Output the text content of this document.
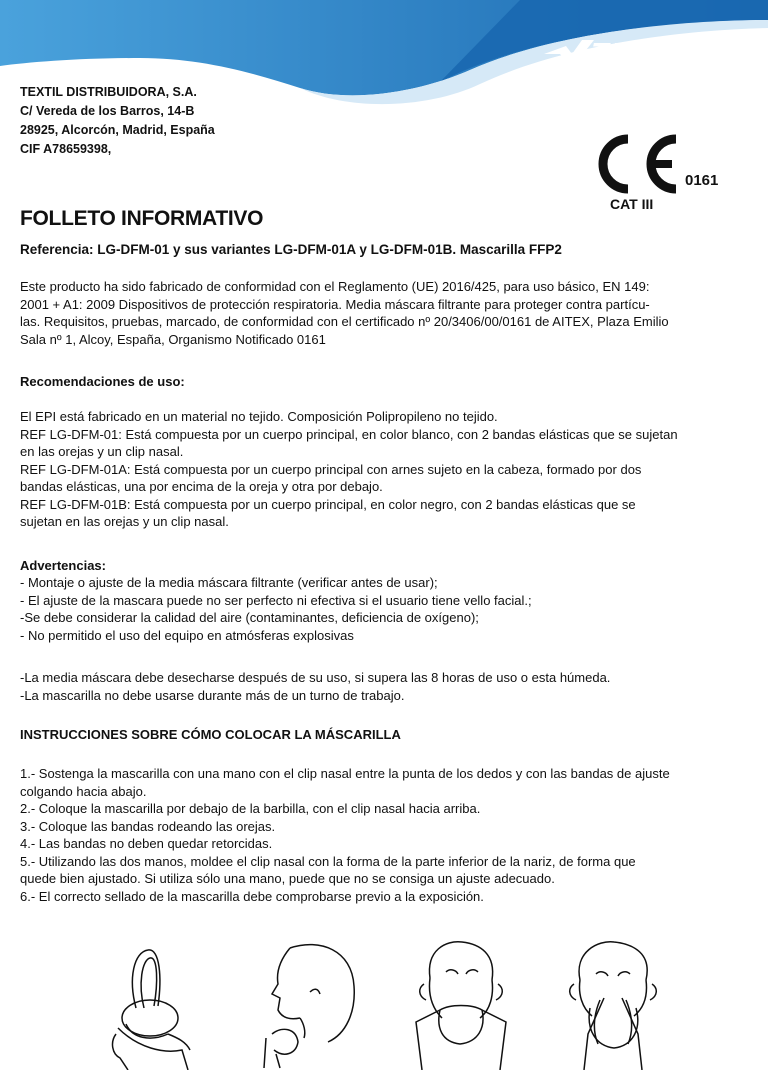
TEDISA
TEXTIL DISTRIBUIDORA, S.A.
C/ Vereda de los Barros, 14-B
28925, Alcorcón, Madrid, España
CIF A78659398,
0161
CAT III
FOLLETO INFORMATIVO
Referencia: LG-DFM-01 y sus variantes LG-DFM-01A y LG-DFM-01B. Mascarilla FFP2

Este producto ha sido fabricado de conformidad con el Reglamento (UE) 2016/425, para uso básico, EN 149:

2001 + A1: 2009 Dispositivos de protección respiratoria. Media máscara filtrante para proteger contra partícu-

las. Requisitos, pruebas, marcado, de conformidad con el certificado nº 20/3406/00/0161 de AITEX, Plaza Emilio

Sala nº 1, Alcoy, España, Organismo Notificado 0161

Recomendaciones de uso:

El EPI está fabricado en un material no tejido. Composición Polipropileno no tejido.

REF LG-DFM-01: Está compuesta por un cuerpo principal, en color blanco, con 2 bandas elásticas que se sujetan

en las orejas y un clip nasal.

REF LG-DFM-01A: Está compuesta por un cuerpo principal con arnes sujeto en la cabeza, formado por dos

bandas elásticas, una por encima de la oreja y otra por debajo.

REF LG-DFM-01B: Está compuesta por un cuerpo principal, en color negro, con 2 bandas elásticas que se

sujetan en las orejas y un clip nasal.

Advertencias:

- Montaje o ajuste de la media máscara filtrante (verificar antes de usar);

- El ajuste de la mascara puede no ser perfecto ni efectiva si el usuario tiene vello facial.;

-Se debe considerar la calidad del aire (contaminantes, deficiencia de oxígeno);

- No permitido el uso del equipo en atmósferas explosivas

-La media máscara debe desecharse después de su uso, si supera las 8 horas de uso o esta húmeda.

-La mascarilla no debe usarse durante más de un turno de trabajo.

INSTRUCCIONES SOBRE CÓMO COLOCAR LA MÁSCARILLA

1.- Sostenga la mascarilla con una mano con el clip nasal entre la punta de los dedos y con las bandas de ajuste

colgando hacia abajo.

2.- Coloque la mascarilla por debajo de la barbilla, con el clip nasal hacia arriba.

3.- Coloque las bandas rodeando las orejas.

4.- Las bandas no deben quedar retorcidas.

5.- Utilizando las dos manos, moldee el clip nasal con la forma de la parte inferior de la nariz, de forma que

quede bien ajustado. Si utiliza sólo una mano, puede que no se consiga un ajuste adecuado.

6.- El correcto sellado de la mascarilla debe comprobarse previo a la exposición.
